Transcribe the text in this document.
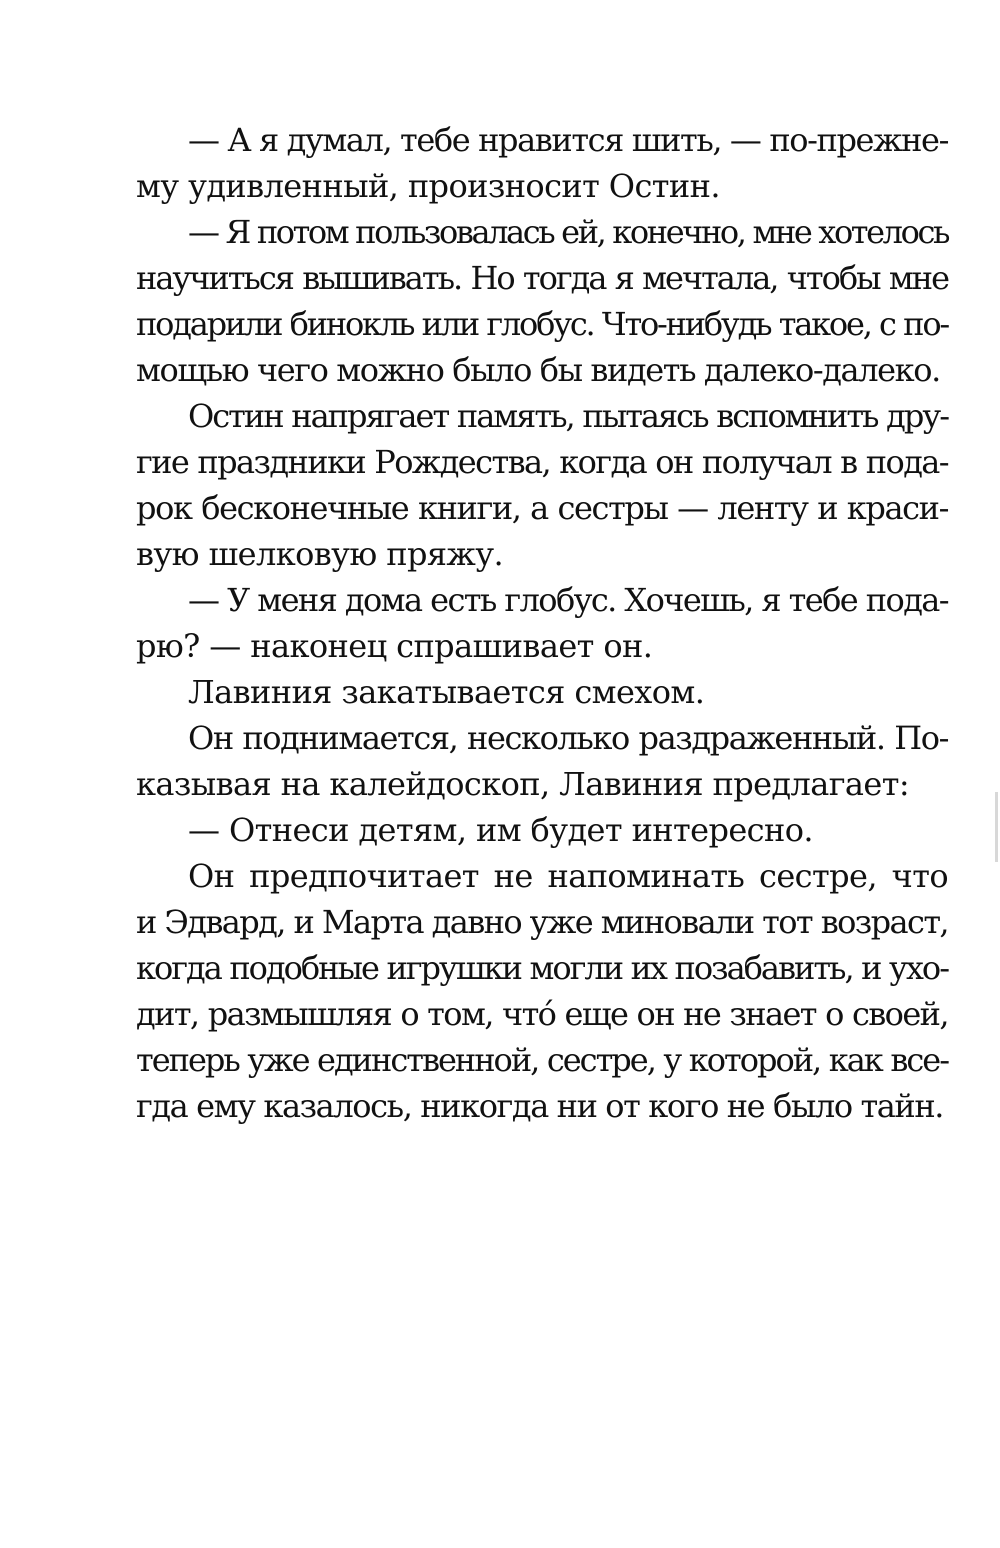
— А я думал, тебе нравится шить, — по-прежне-
му удивленный, произносит Остин.
— Я потом пользовалась ей, конечно, мне хотелось
научиться вышивать. Но тогда я мечтала, чтобы мне
подарили бинокль или глобус. Что-нибудь такое, с по-
мощью чего можно было бы видеть далеко-далеко.
Остин напрягает память, пытаясь вспомнить дру-
гие праздники Рождества, когда он получал в пода-
рок бесконечные книги, а сестры — ленту и краси-
вую шелковую пряжу.
— У меня дома есть глобус. Хочешь, я тебе пода-
рю? — наконец спрашивает он.
Лавиния закатывается смехом.
Он поднимается, несколько раздраженный. По-
казывая на калейдоскоп, Лавиния предлагает:
— Отнеси детям, им будет интересно.
Он предпочитает не напоминать сестре, что
и Эдвард, и Марта давно уже миновали тот возраст,
когда подобные игрушки могли их позабавить, и ухо-
дит, размышляя о том, чтó еще он не знает о своей,
теперь уже единственной, сестре, у которой, как все-
гда ему казалось, никогда ни от кого не было тайн.
